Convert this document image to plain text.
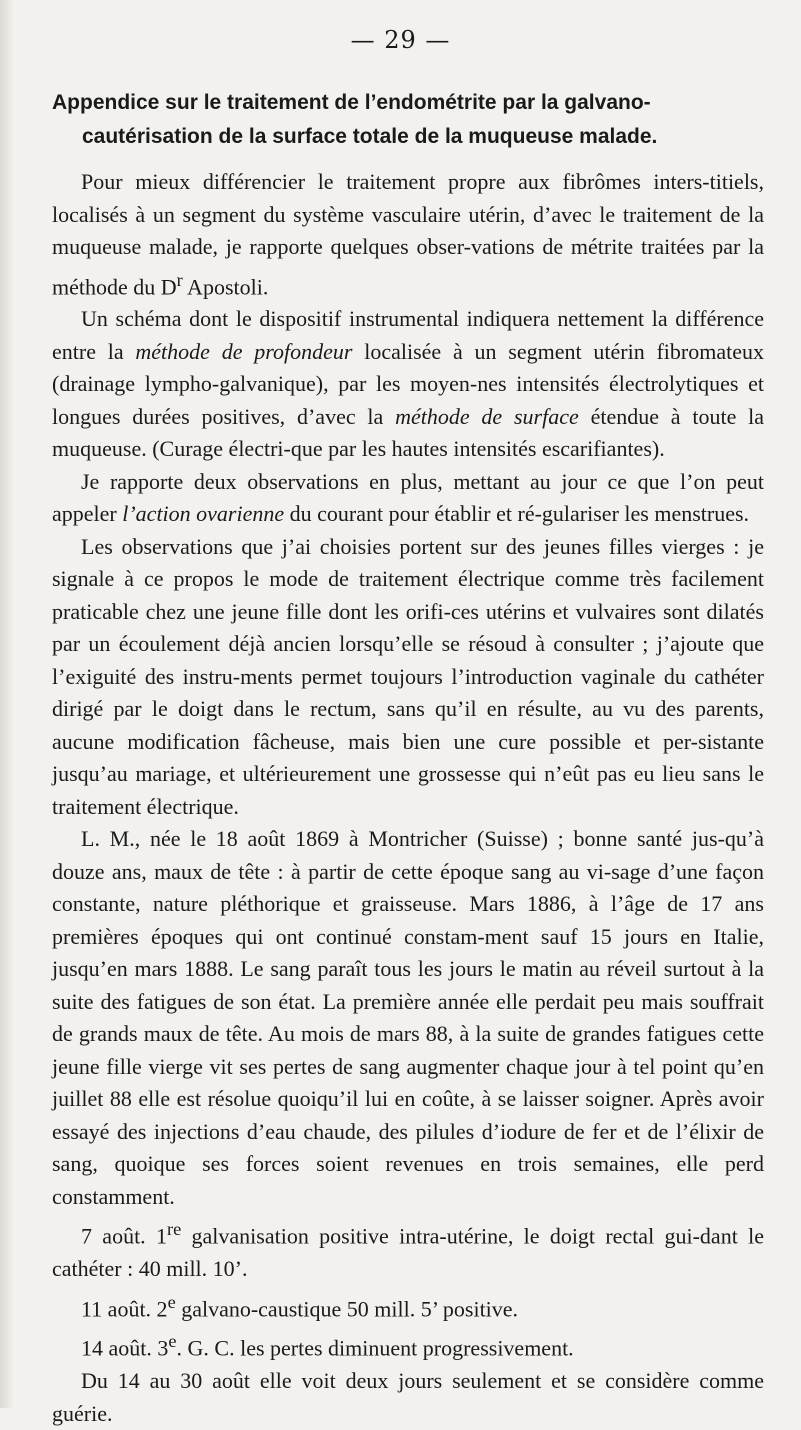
— 29 —
Appendice sur le traitement de l’endométrite par la galvano-
cautérisation de la surface totale de la muqueuse malade.

Pour mieux différencier le traitement propre aux fibrômes inters-titiels, localisés à un segment du système vasculaire utérin, d’avec le traitement de la muqueuse malade, je rapporte quelques obser-vations de métrite traitées par la méthode du $D^r$ Apostoli.

Un schéma dont le dispositif instrumental indiquera nettement la différence entre la méthode de profondeur localisée à un segment utérin fibromateux (drainage lympho-galvanique), par les moyen-nes intensités électrolytiques et longues durées positives, d’avec la méthode de surface étendue à toute la muqueuse. (Curage électri-que par les hautes intensités escarifiantes).

Je rapporte deux observations en plus, mettant au jour ce que l’on peut appeler l’action ovarienne du courant pour établir et ré-gulariser les menstrues.

Les observations que j’ai choisies portent sur des jeunes filles vierges : je signale à ce propos le mode de traitement électrique comme très facilement praticable chez une jeune fille dont les orifi-ces utérins et vulvaires sont dilatés par un écoulement déjà ancien lorsqu’elle se résoud à consulter ; j’ajoute que l’exiguité des instru-ments permet toujours l’introduction vaginale du cathéter dirigé par le doigt dans le rectum, sans qu’il en résulte, au vu des parents, aucune modification fâcheuse, mais bien une cure possible et per-sistante jusqu’au mariage, et ultérieurement une grossesse qui n’eût pas eu lieu sans le traitement électrique.

L. M., née le 18 août 1869 à Montricher (Suisse) ; bonne santé jus-qu’à douze ans, maux de tête : à partir de cette époque sang au vi-sage d’une façon constante, nature pléthorique et graisseuse. Mars 1886, à l’âge de 17 ans premières époques qui ont continué constam-ment sauf 15 jours en Italie, jusqu’en mars 1888. Le sang paraît tous les jours le matin au réveil surtout à la suite des fatigues de son état. La première année elle perdait peu mais souffrait de grands maux de tête. Au mois de mars 88, à la suite de grandes fatigues cette jeune fille vierge vit ses pertes de sang augmenter chaque jour à tel point qu’en juillet 88 elle est résolue quoiqu’il lui en coûte, à se laisser soigner. Après avoir essayé des injections d’eau chaude, des pilules d’iodure de fer et de l’élixir de sang, quoique ses forces soient revenues en trois semaines, elle perd constamment.

7 août. 1re galvanisation positive intra-utérine, le doigt rectal gui-dant le cathéter : 40 mill. 10’.

11 août. 2e galvano-caustique 50 mill. 5’ positive.

14 août. 3e. G. C. les pertes diminuent progressivement.

Du 14 au 30 août elle voit deux jours seulement et se considère comme guérie.
